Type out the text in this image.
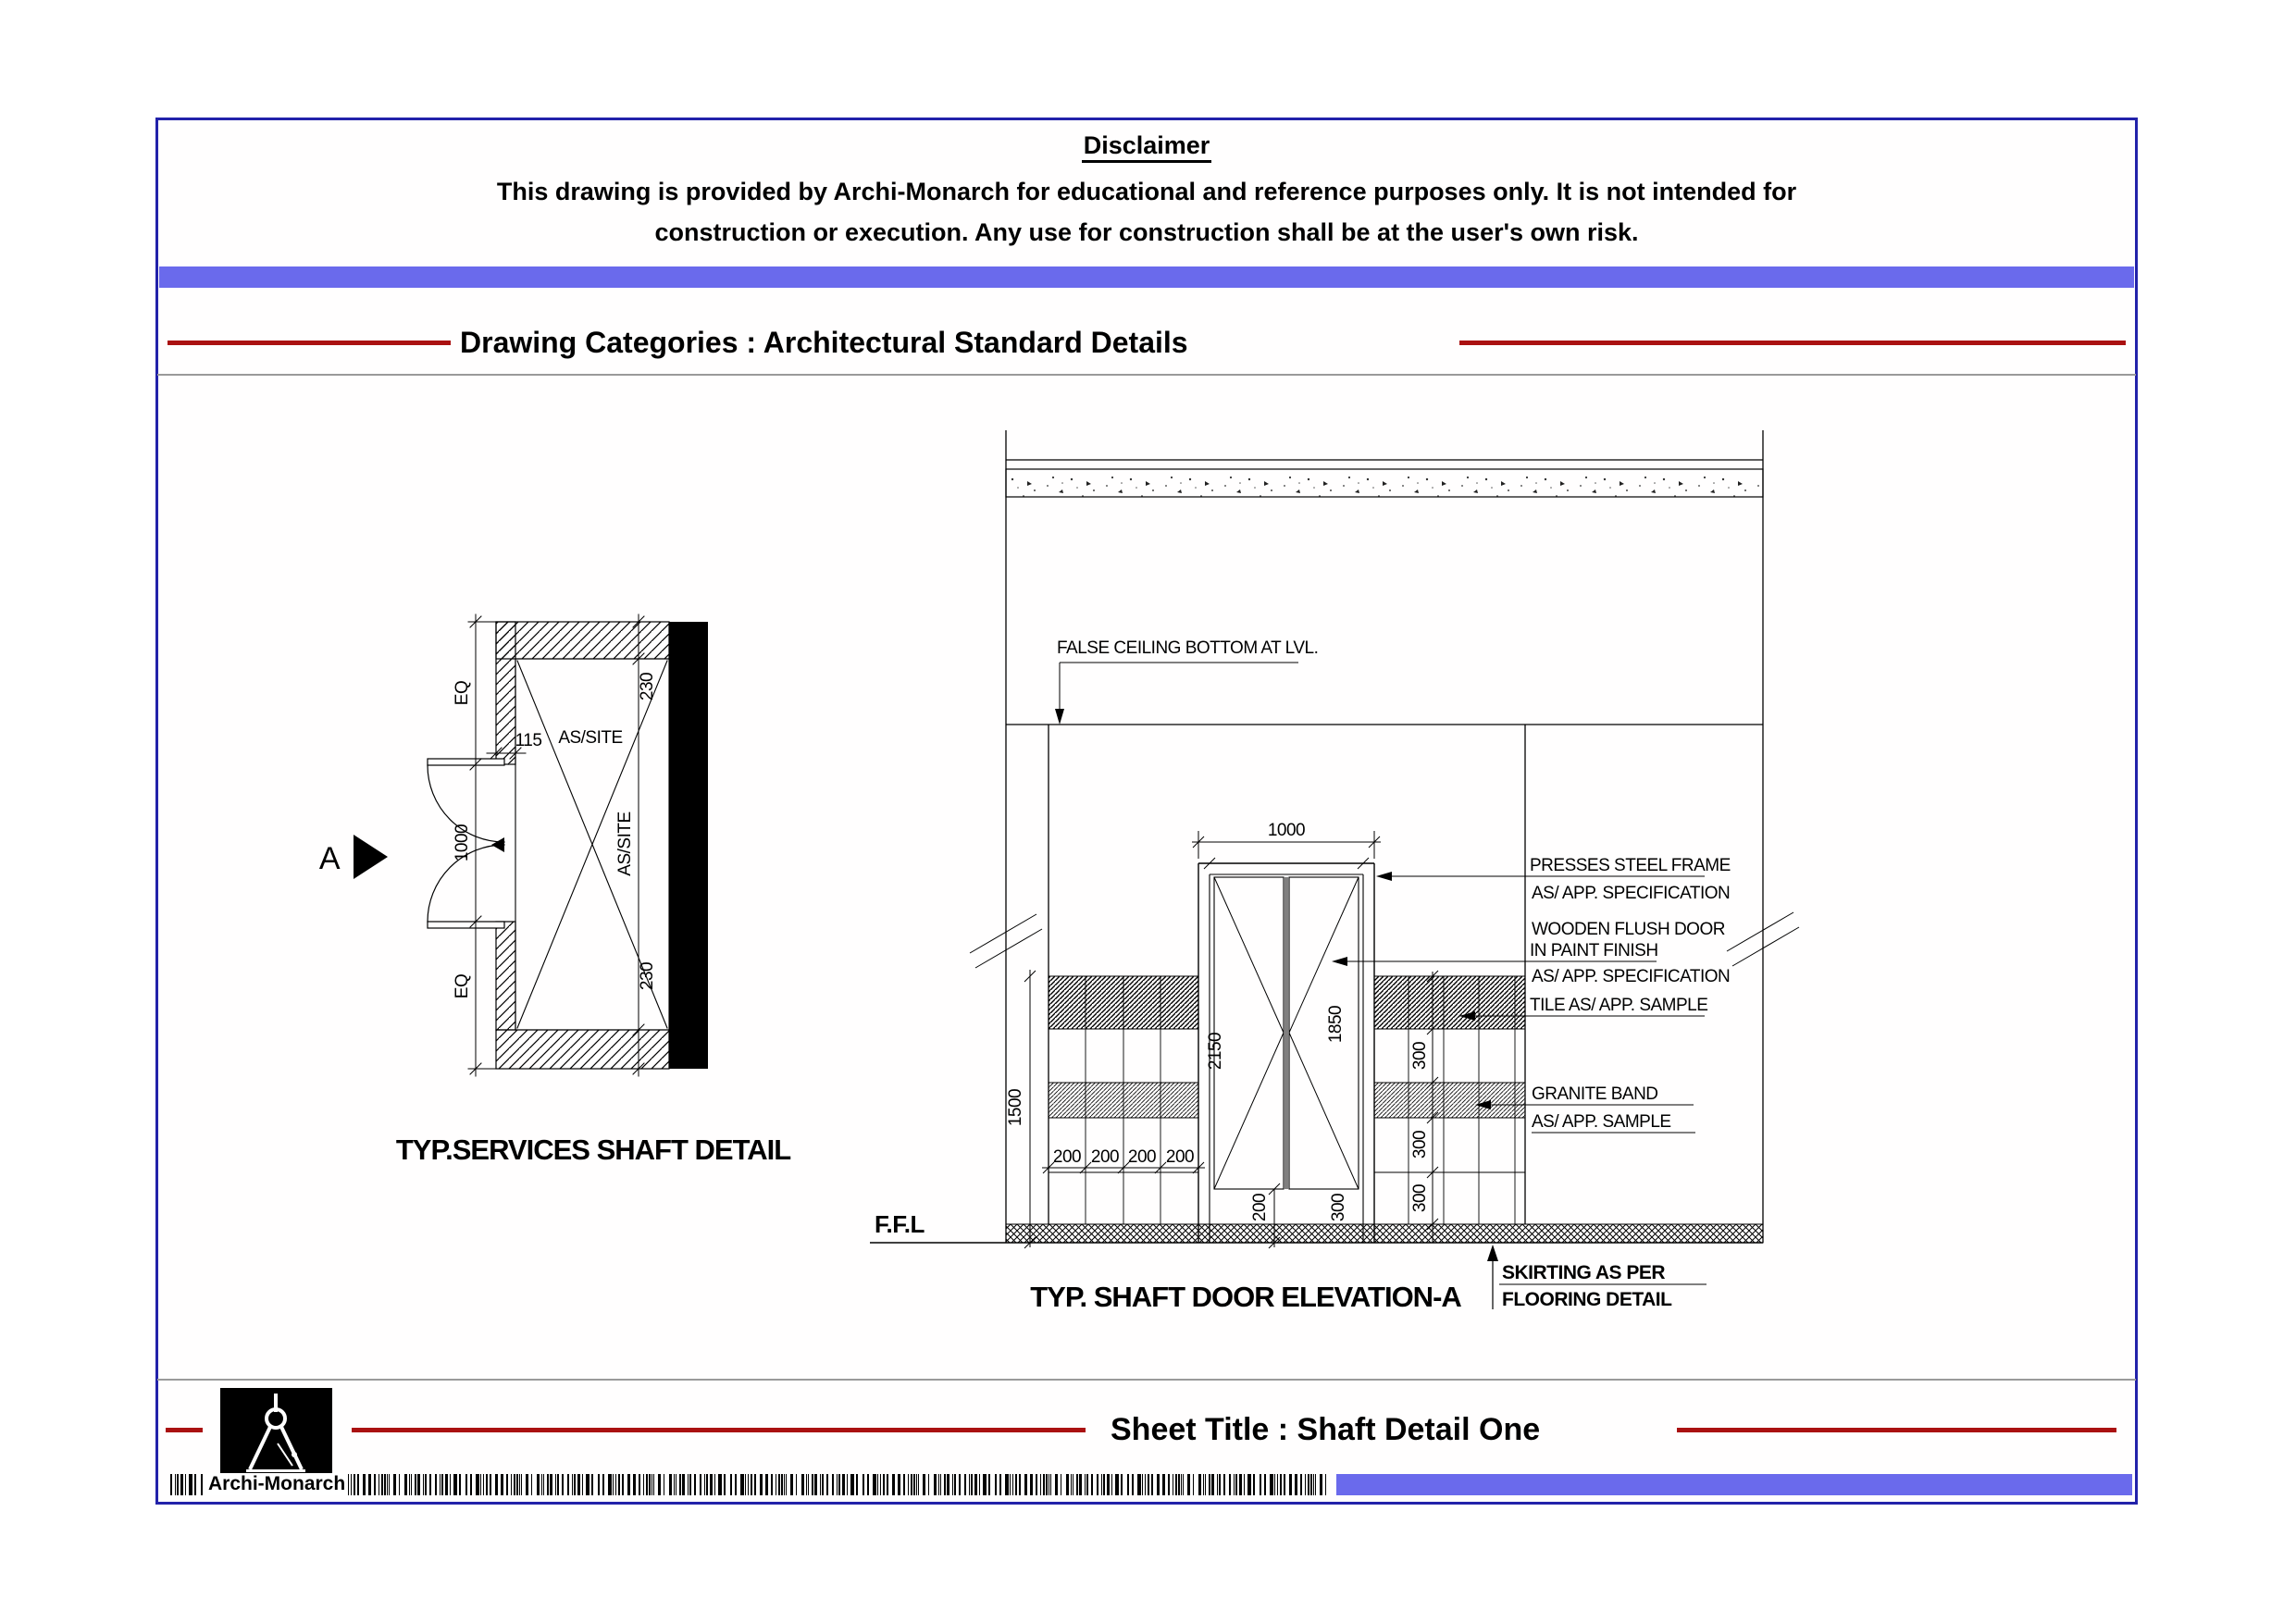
Disclaimer
This drawing is provided by Archi-Monarch for educational and reference purposes only. It is not intended for
construction or execution. Any use for construction shall be at the user's own risk.
Drawing Categories : Architectural Standard Details
EQ
1000
EQ
230
230
115 AS/SITE
AS/SITE
A
TYP.SERVICES SHAFT DETAIL
FALSE CEILING BOTTOM AT LVL.
1000
2150
1850
1500
200 200 200 200
300
300
300
200	300
F.F.L
PRESSES STEEL FRAME
AS/ APP. SPECIFICATION
WOODEN FLUSH DOOR
IN PAINT FINISH
AS/ APP. SPECIFICATION
TILE AS/ APP. SAMPLE
GRANITE BAND
AS/ APP. SAMPLE
SKIRTING AS PER
FLOORING DETAIL
TYP. SHAFT DOOR ELEVATION-A
Sheet Title : Shaft Detail One
Archi-Monarch
